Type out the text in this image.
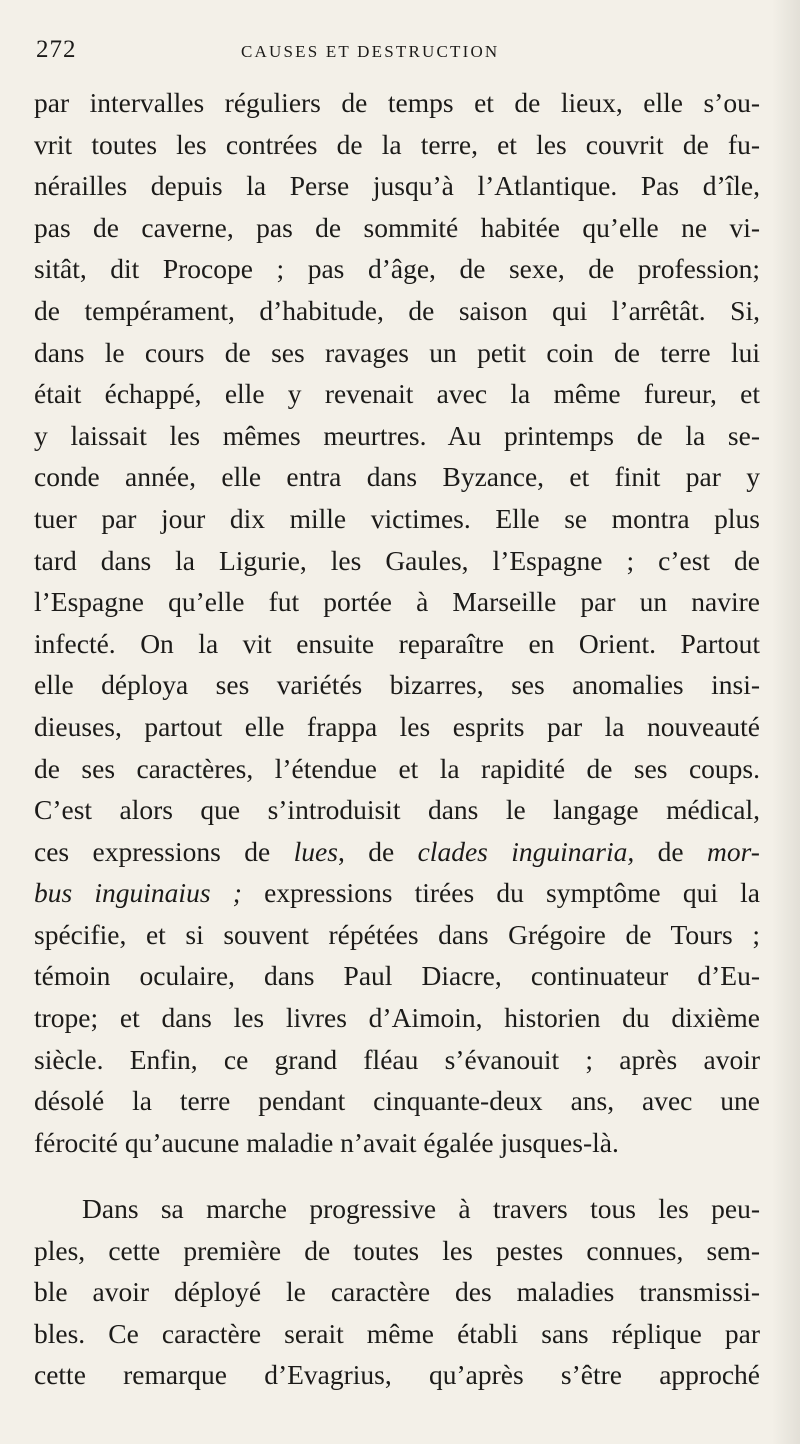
272	CAUSES ET DESTRUCTION
par intervalles réguliers de temps et de lieux, elle s’ou-
vrit toutes les contrées de la terre, et les couvrit de fu-
nérailles depuis la Perse jusqu’à l’Atlantique. Pas d’île,
pas de caverne, pas de sommité habitée qu’elle ne vi-
sitât, dit Procope ; pas d’âge, de sexe, de profession;
de tempérament, d’habitude, de saison qui l’arrêtât. Si,
dans le cours de ses ravages un petit coin de terre lui
était échappé, elle y revenait avec la même fureur, et
y laissait les mêmes meurtres. Au printemps de la se-
conde année, elle entra dans Byzance, et finit par y
tuer par jour dix mille victimes. Elle se montra plus
tard dans la Ligurie, les Gaules, l’Espagne ; c’est de
l’Espagne qu’elle fut portée à Marseille par un navire
infecté. On la vit ensuite reparaître en Orient. Partout
elle déploya ses variétés bizarres, ses anomalies insi-
dieuses, partout elle frappa les esprits par la nouveauté
de ses caractères, l’étendue et la rapidité de ses coups.
C’est alors que s’introduisit dans le langage médical,
ces expressions de lues, de clades inguinaria, de mor-
bus inguinaius ; expressions tirées du symptôme qui la
spécifie, et si souvent répétées dans Grégoire de Tours ;
témoin oculaire, dans Paul Diacre, continuateur d’Eu-
trope; et dans les livres d’Aimoin, historien du dixième
siècle. Enfin, ce grand fléau s’évanouit ; après avoir
désolé la terre pendant cinquante-deux ans, avec une
férocité qu’aucune maladie n’avait égalée jusques-là.
Dans sa marche progressive à travers tous les peu-
ples, cette première de toutes les pestes connues, sem-
ble avoir déployé le caractère des maladies transmissi-
bles. Ce caractère serait même établi sans réplique par
cette remarque d’Evagrius, qu’après s’être approché
